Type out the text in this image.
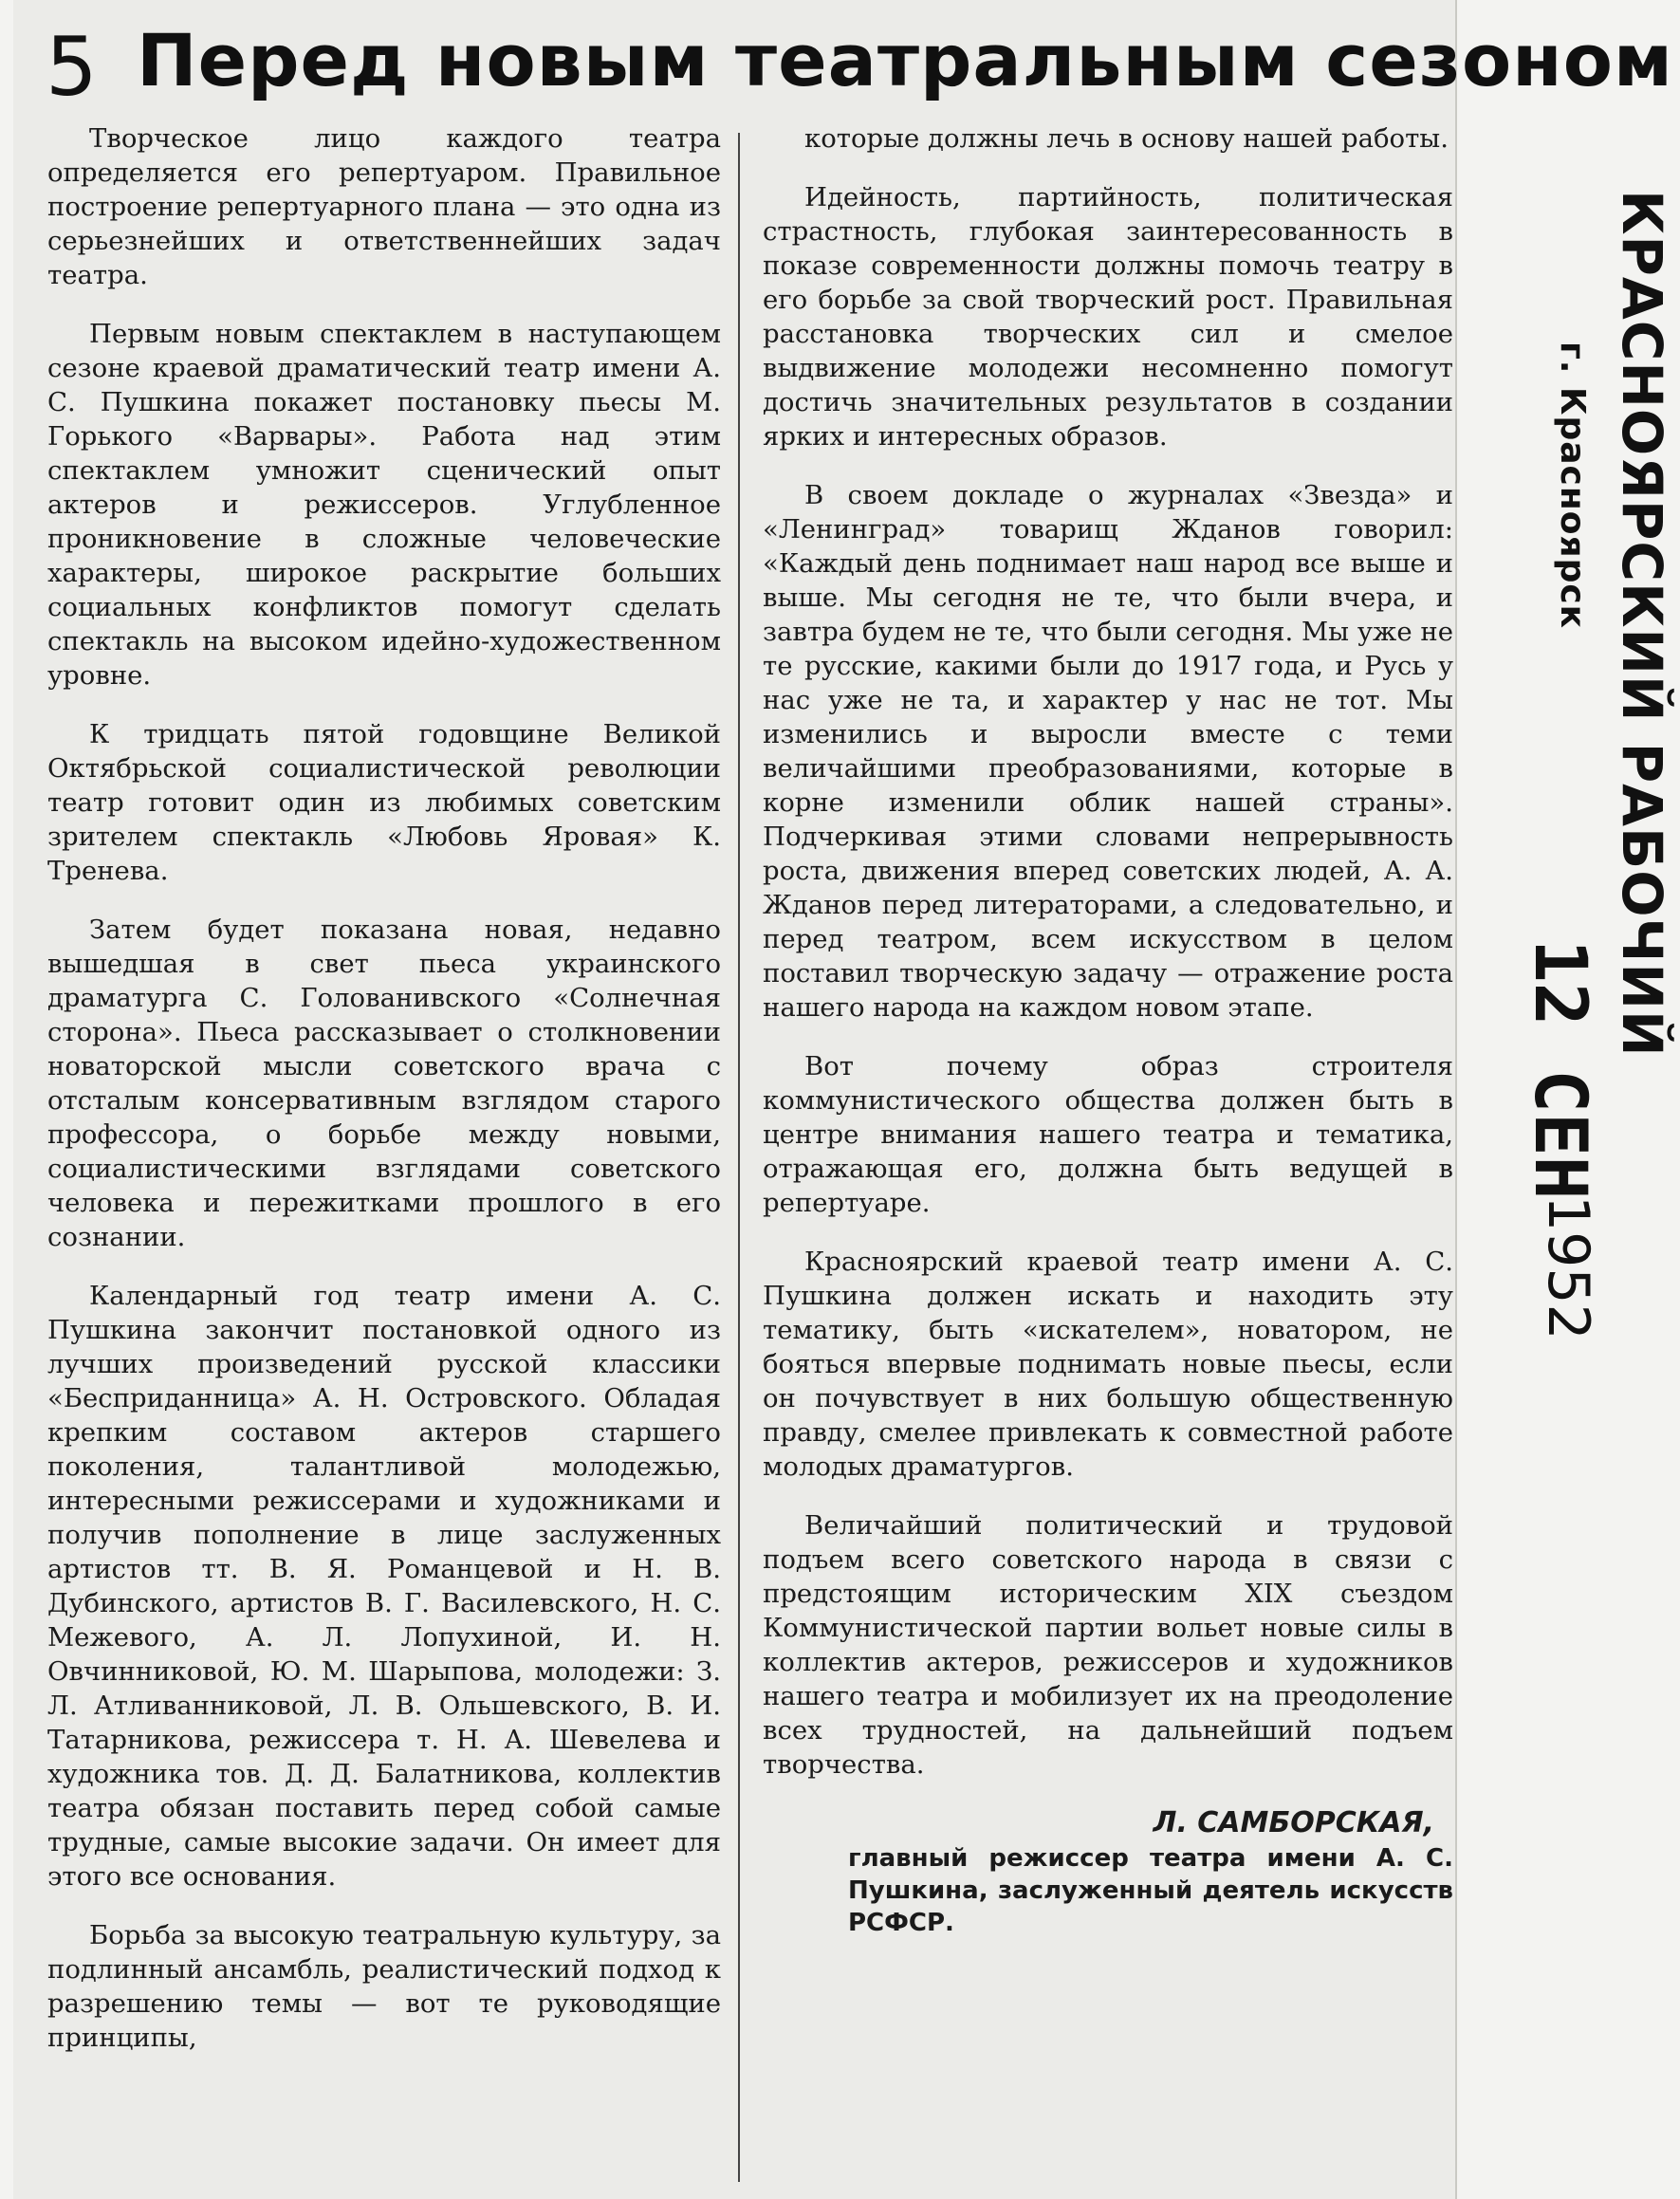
5 Перед новым театральным сезоном

Творческое лицо каждого театра определяется его репертуаром. Правильное построение репертуарного плана — это одна из серьезнейших и ответственнейших задач театра.

Первым новым спектаклем в наступающем сезоне краевой драматический театр имени А. С. Пушкина покажет постановку пьесы М. Горького «Варвары». Работа над этим спектаклем умножит сценический опыт актеров и режиссеров. Углубленное проникновение в сложные человеческие характеры, широкое раскрытие больших социальных конфликтов помогут сделать спектакль на высоком идейно-художественном уровне.

К тридцать пятой годовщине Великой Октябрьской социалистической революции театр готовит один из любимых советским зрителем спектакль «Любовь Яровая» К. Тренева.

Затем будет показана новая, недавно вышедшая в свет пьеса украинского драматурга С. Голованивского «Солнечная сторона». Пьеса рассказывает о столкновении новаторской мысли советского врача с отсталым консервативным взглядом старого профессора, о борьбе между новыми, социалистическими взглядами советского человека и пережитками прошлого в его сознании.

Календарный год театр имени А. С. Пушкина закончит постановкой одного из лучших произведений русской классики «Бесприданница» А. Н. Островского. Обладая крепким составом актеров старшего поколения, талантливой молодежью, интересными режиссерами и художниками и получив пополнение в лице заслуженных артистов тт. В. Я. Романцевой и Н. В. Дубинского, артистов В. Г. Василевского, Н. С. Межевого, А. Л. Лопухиной, И. Н. Овчинниковой, Ю. М. Шарыпова, молодежи: З. Л. Атливанниковой, Л. В. Ольшевского, В. И. Татарникова, режиссера т. Н. А. Шевелева и художника тов. Д. Д. Балатникова, коллектив театра обязан поставить перед собой самые трудные, самые высокие задачи. Он имеет для этого все основания.

Борьба за высокую театральную культуру, за подлинный ансамбль, реалистический подход к разрешению темы — вот те руководящие принципы,

которые должны лечь в основу нашей работы.

Идейность, партийность, политическая страстность, глубокая заинтересованность в показе современности должны помочь театру в его борьбе за свой творческий рост. Правильная расстановка творческих сил и смелое выдвижение молодежи несомненно помогут достичь значительных результатов в создании ярких и интересных образов.

В своем докладе о журналах «Звезда» и «Ленинград» товарищ Жданов говорил: «Каждый день поднимает наш народ все выше и выше. Мы сегодня не те, что были вчера, и завтра будем не те, что были сегодня. Мы уже не те русские, какими были до 1917 года, и Русь у нас уже не та, и характер у нас не тот. Мы изменились и выросли вместе с теми величайшими преобразованиями, которые в корне изменили облик нашей страны». Подчеркивая этими словами непрерывность роста, движения вперед советских людей, А. А. Жданов перед литераторами, а следовательно, и перед театром, всем искусством в целом поставил творческую задачу — отражение роста нашего народа на каждом новом этапе.

Вот почему образ строителя коммунистического общества должен быть в центре внимания нашего театра и тематика, отражающая его, должна быть ведущей в репертуаре.

Красноярский краевой театр имени А. С. Пушкина должен искать и находить эту тематику, быть «искателем», новатором, не бояться впервые поднимать новые пьесы, если он почувствует в них большую общественную правду, смелее привлекать к совместной работе молодых драматургов.

Величайший политический и трудовой подъем всего советского народа в связи с предстоящим историческим XIX съездом Коммунистической партии вольет новые силы в коллектив актеров, режиссеров и художников нашего театра и мобилизует их на преодоление всех трудностей, на дальнейший подъем творчества.

Л. САМБОРСКАЯ,
главный режиссер театра имени А. С. Пушкина, заслуженный деятель искусств РСФСР.
КРАСНОЯРСКИЙ РАБОЧИЙ
г. Красноярск
12 СЕН
1952
